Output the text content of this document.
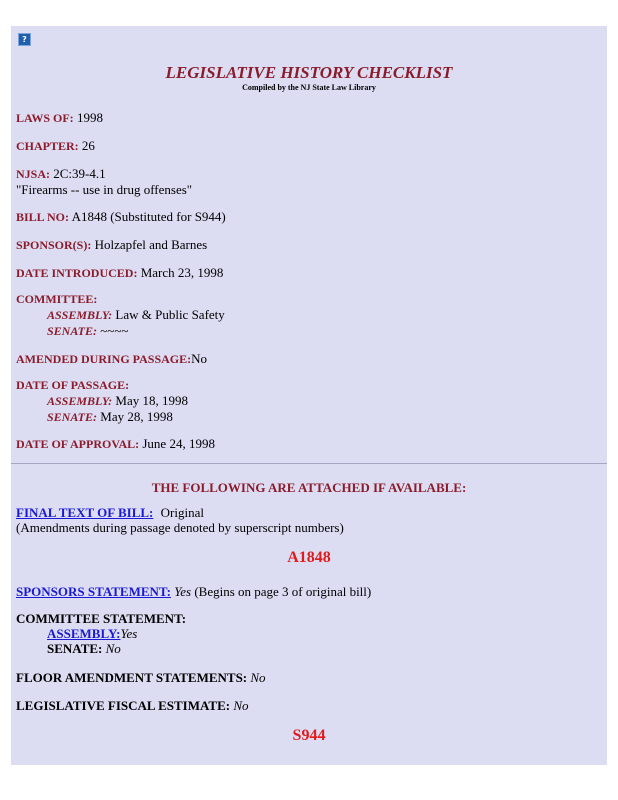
?
LEGISLATIVE HISTORY CHECKLIST
Compiled by the NJ State Law Library
LAWS OF: 1998
CHAPTER: 26
NJSA: 2C:39-4.1
"Firearms -- use in drug offenses"
BILL NO: A1848 (Substituted for S944)
SPONSOR(S): Holzapfel and Barnes
DATE INTRODUCED: March 23, 1998
COMMITTEE:
ASSEMBLY: Law & Public Safety
SENATE: ~~~~
AMENDED DURING PASSAGE:No
DATE OF PASSAGE:
ASSEMBLY: May 18, 1998
SENATE: May 28, 1998
DATE OF APPROVAL: June 24, 1998
THE FOLLOWING ARE ATTACHED IF AVAILABLE:
FINAL TEXT OF BILL: Original
(Amendments during passage denoted by superscript numbers)
A1848
SPONSORS STATEMENT: Yes (Begins on page 3 of original bill)
COMMITTEE STATEMENT:
ASSEMBLY:Yes
SENATE: No
FLOOR AMENDMENT STATEMENTS: No
LEGISLATIVE FISCAL ESTIMATE: No
S944
